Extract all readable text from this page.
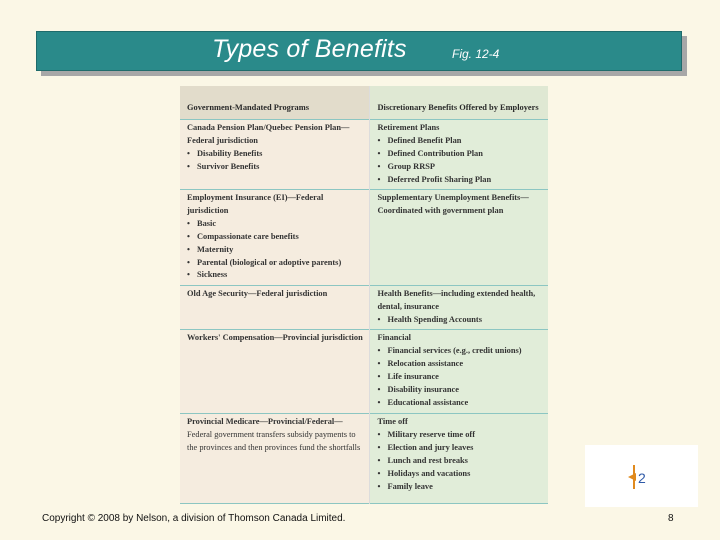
Types of Benefits	Fig. 12-4
Government-Mandated Programs
Canada Pension Plan/Quebec Pension Plan—Federal jurisdiction
• Disability Benefits
• Survivor Benefits
Employment Insurance (EI)—Federal jurisdiction
• Basic
• Compassionate care benefits
• Maternity
• Parental (biological or adoptive parents)
• Sickness
Old Age Security—Federal jurisdiction
Workers' Compensation—Provincial jurisdiction
Provincial Medicare—Provincial/Federal—
Federal government transfers subsidy payments to the provinces and then provinces fund the shortfalls
Discretionary Benefits Offered by Employers
Retirement Plans
• Defined Benefit Plan
• Defined Contribution Plan
• Group RRSP
• Deferred Profit Sharing Plan
Supplementary Unemployment Benefits—Coordinated with government plan
Health Benefits—including extended health, dental, insurance
• Health Spending Accounts
Financial
• Financial services (e.g., credit unions)
• Relocation assistance
• Life insurance
• Disability insurance
• Educational assistance
Time off
• Military reserve time off
• Election and jury leaves
• Lunch and rest breaks
• Holidays and vacations
• Family leave
2
Copyright © 2008 by Nelson, a division of Thomson Canada Limited.	8
